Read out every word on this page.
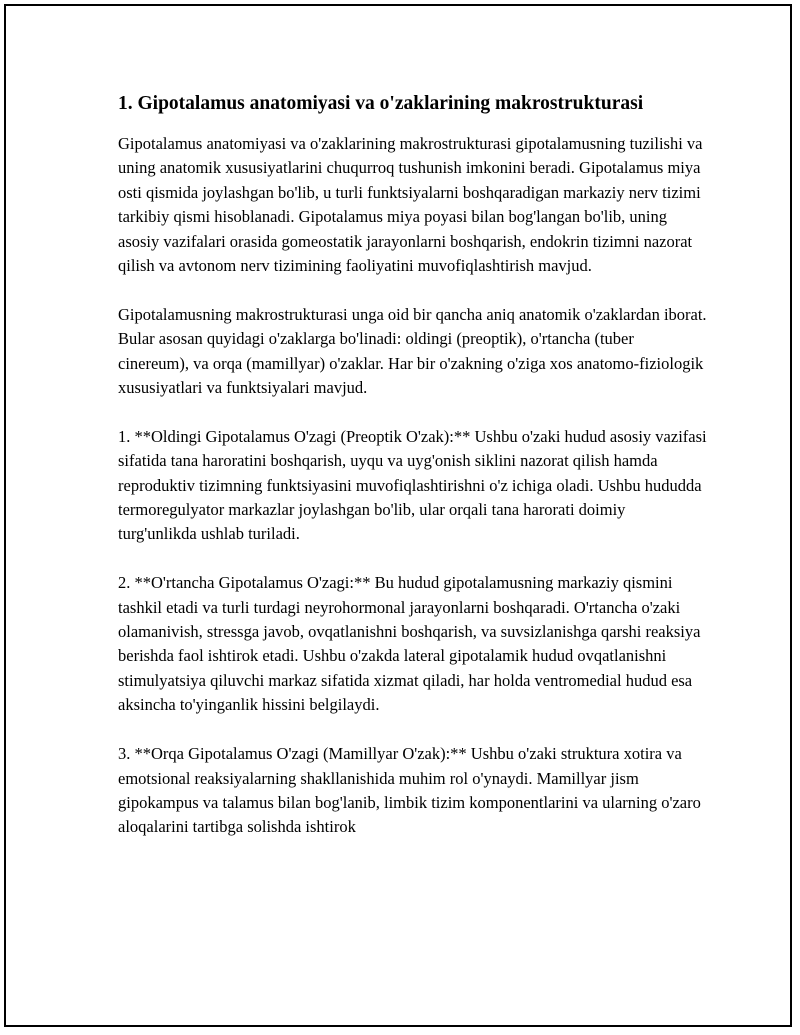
1. Gipotalamus anatomiyasi va o'zaklarining makrostrukturasi

Gipotalamus anatomiyasi va o'zaklarining makrostrukturasi gipotalamusning tuzilishi va uning anatomik xususiyatlarini chuqurroq tushunish imkonini beradi. Gipotalamus miya osti qismida joylashgan bo'lib, u turli funktsiyalarni boshqaradigan markaziy nerv tizimi tarkibiy qismi hisoblanadi. Gipotalamus miya poyasi bilan bog'langan bo'lib, uning asosiy vazifalari orasida gomeostatik jarayonlarni boshqarish, endokrin tizimni nazorat qilish va avtonom nerv tizimining faoliyatini muvofiqlashtirish mavjud.

Gipotalamusning makrostrukturasi unga oid bir qancha aniq anatomik o'zaklardan iborat. Bular asosan quyidagi o'zaklarga bo'linadi: oldingi (preoptik), o'rtancha (tuber cinereum), va orqa (mamillyar) o'zaklar. Har bir o'zakning o'ziga xos anatomo-fiziologik xususiyatlari va funktsiyalari mavjud.

1. **Oldingi Gipotalamus O'zagi (Preoptik O'zak):** Ushbu o'zaki hudud asosiy vazifasi sifatida tana haroratini boshqarish, uyqu va uyg'onish siklini nazorat qilish hamda reproduktiv tizimning funktsiyasini muvofiqlashtirishni o'z ichiga oladi. Ushbu hududda termoregulyator markazlar joylashgan bo'lib, ular orqali tana harorati doimiy turg'unlikda ushlab turiladi.

2. **O'rtancha Gipotalamus O'zagi:** Bu hudud gipotalamusning markaziy qismini tashkil etadi va turli turdagi neyrohormonal jarayonlarni boshqaradi. O'rtancha o'zaki olamanivish, stressga javob, ovqatlanishni boshqarish, va suvsizlanishga qarshi reaksiya berishda faol ishtirok etadi. Ushbu o'zakda lateral gipotalamik hudud ovqatlanishni stimulyatsiya qiluvchi markaz sifatida xizmat qiladi, har holda ventromedial hudud esa aksincha to'yinganlik hissini belgilaydi.

3. **Orqa Gipotalamus O'zagi (Mamillyar O'zak):** Ushbu o'zaki struktura xotira va emotsional reaksiyalarning shakllanishida muhim rol o'ynaydi. Mamillyar jism gipokampus va talamus bilan bog'lanib, limbik tizim komponentlarini va ularning o'zaro aloqalarini tartibga solishda ishtirok
